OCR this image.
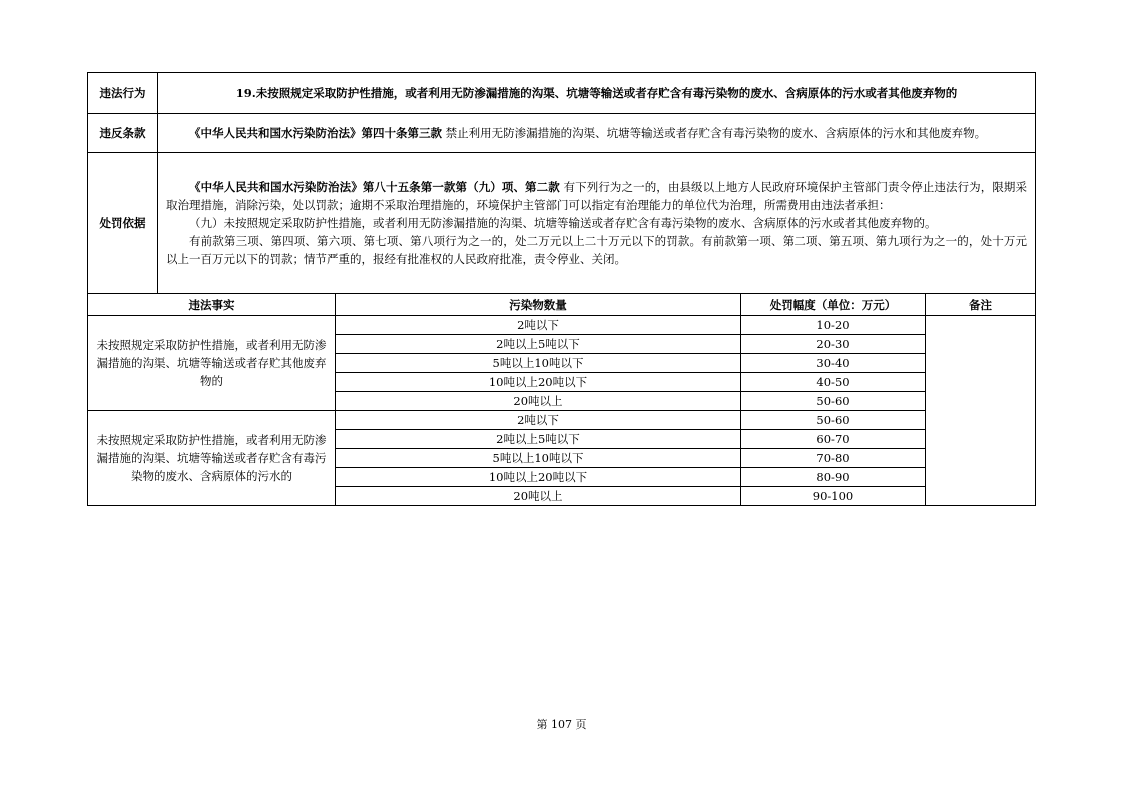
违法行为	19.未按照规定采取防护性措施，或者利用无防渗漏措施的沟渠、坑塘等输送或者存贮含有毒污染物的废水、含病原体的污水或者其他废弃物的			
违反条款	《中华人民共和国水污染防治法》第四十条第三款 禁止利用无防渗漏措施的沟渠、坑塘等输送或者存贮含有毒污染物的废水、含病原体的污水和其他废弃物。			

处罚依据	《中华人民共和国水污染防治法》第八十五条第一款第（九）项、第二款 有下列行为之一的，由县级以上地方人民政府环境保护主管部门责令停止违法行为，限期采取治理措施，消除污染，处以罚款；逾期不采取治理措施的，环境保护主管部门可以指定有治理能力的单位代为治理，所需费用由违法者承担：

（九）未按照规定采取防护性措施，或者利用无防渗漏措施的沟渠、坑塘等输送或者存贮含有毒污染物的废水、含病原体的污水或者其他废弃物的。

有前款第三项、第四项、第六项、第七项、第八项行为之一的，处二万元以上二十万元以下的罚款。有前款第一项、第二项、第五项、第九项行为之一的，处十万元以上一百万元以下的罚款；情节严重的，报经有批准权的人民政府批准，责令停业、关闭。			

违法事实		污染物数量	处罚幅度（单位：万元）	备注
未按照规定采取防护性措施，或者利用无防渗漏措施的沟渠、坑塘等输送或者存贮其他废弃物的		2吨以下	10-20	
		2吨以上5吨以下	20-30	
		5吨以上10吨以下	30-40	
		10吨以上20吨以下	40-50	
		20吨以上	50-60	
未按照规定采取防护性措施，或者利用无防渗漏措施的沟渠、坑塘等输送或者存贮含有毒污染物的废水、含病原体的污水的		2吨以下	50-60	
		2吨以上5吨以下	60-70	
		5吨以上10吨以下	70-80	
		10吨以上20吨以下	80-90	
		20吨以上	90-100	
第 107 页
